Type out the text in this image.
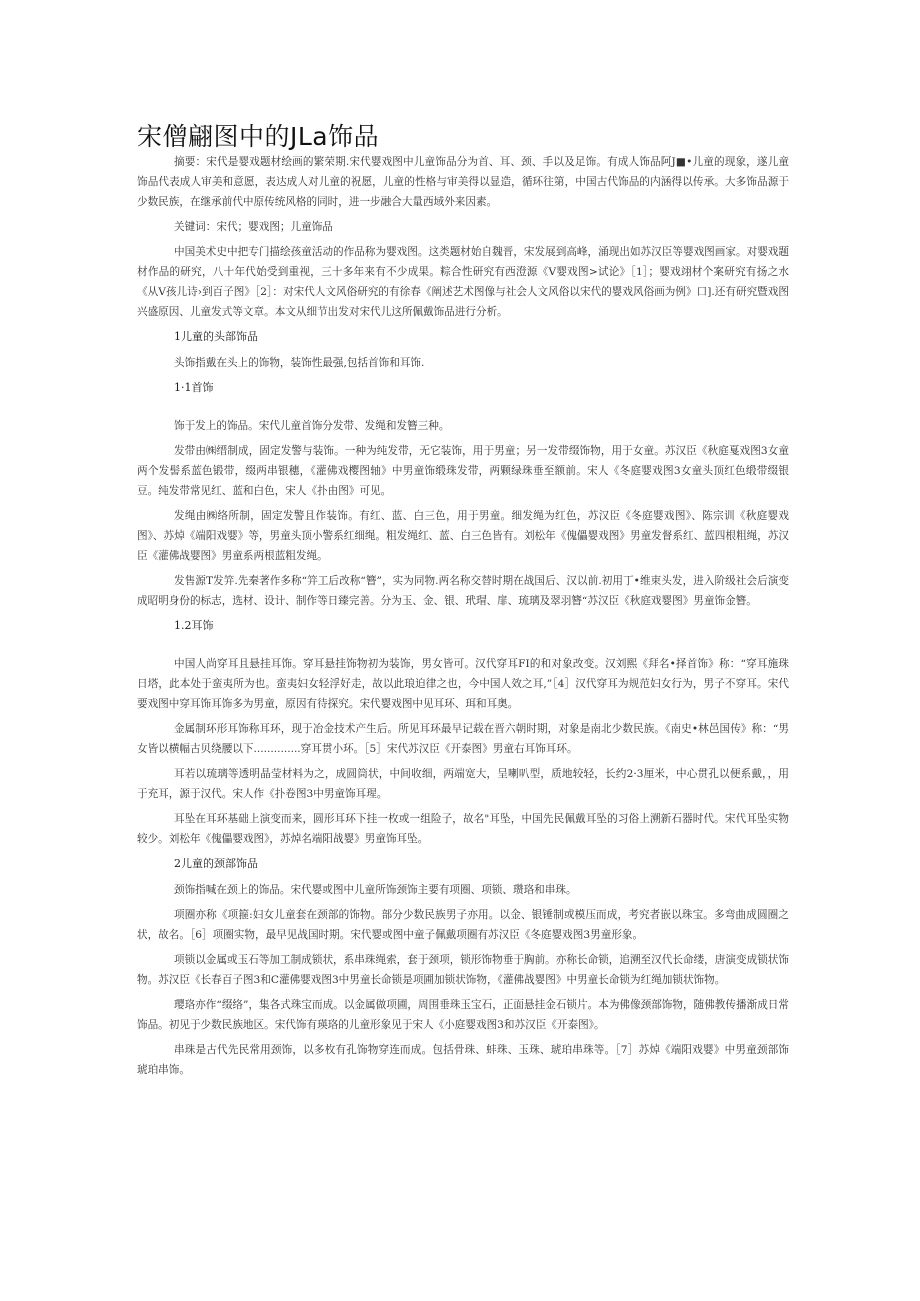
宋僧翩图中的JLa饰品

摘要：宋代是婴戏题材绘画的繁荣期.宋代婴戏图中儿童饰品分为首、耳、颈、手以及足饰。有成人饰品阿J■•儿童的现象，遂儿童饰品代表成人审美和意愿，表达成人对儿童的祝愿，儿童的性格与审美得以显造，循环往第，中国古代饰品的内涵得以传承。大多饰品源于少数民族，在继承前代中原传统风格的同时，进一步融合大量西域外来因素。

关键词：宋代；婴戏图；儿童饰品

中国美术史中把专门描绘孩童活动的作品称为婴戏图。这类题材始自魏晋，宋发展到高峰，涌现出如苏汉臣等婴戏图画家。对婴戏题材作品的研究，八十年代始受到重视，三十多年来有不少成果。粽合性研究有西澄源《V婴戏图>试论》［1］；婴戏翊材个案研究有扬之水《从V孩儿诗›到百子图》［2］：对宋代人文风俗研究的有徐春《阐述艺术图像与社会人文风俗以宋代的婴戏风俗画为例》口].还有研究暨戏图兴盛原因、儿童发式等文章。本文从细节出发对宋代儿这所佩戴饰品进行分析。

1儿童的头部饰品

头饰指戴在头上的饰物，装饰性最强,包括首饰和耳饰.

1·1首饰

饰于发上的饰品。宋代儿童首饰分发带、发绳和发簪三种。

发带由㈱缙制成，固定发警与装饰。一种为纯发带，无它装饰，用于男童；另一发带缀饰物，用于女童。苏汉臣《秋庭戛戏图3女童两个发髻系蓝色锻带，缀两串银穗，《灌佛戏樱图轴》中男童饰缎珠发带，两颗绿珠垂至额前。宋人《冬庭婴戏图3女童头顶红色缎带缀银豆。纯发带常见红、蓝和白色，宋人《扑由图》可见。

发绳由㈱络所制，固定发警且作装饰。有红、蓝、白三色，用于男童。细发绳为红色，苏汉臣《冬庭婴戏图》、陈宗训《秋庭婴戏图》、苏焯《端阳戏婴》等，男童头顶小警系红细绳。粗发绳红、蓝、白三色皆有。刘松年《傀儡婴戏图》男童发督系红、蓝四根粗绳，苏汉臣《灌佛战婴图》男童系两根蓝粗发绳。

发售源T发笄.先秦著作多称“笄工后改称“簪”，实为同物.两名称交替时期在战国后、汉以前.初用丁•维束头发，进入阶级社会后演变成昭明身份的标志，选材、设计、制作等日臻完善。分为玉、金、银、玳瑁、扉、琉璃及翠羽簪“苏汉臣《秋庭戏婴图》男童饰金簪。

1.2耳饰

中国人尚穿耳且悬挂耳饰。穿耳悬挂饰物初为装饰，男女皆可。汉代穿耳FI的和对象改变。汉刘熙《拜名•择首饰》称：“穿耳施珠日塔，此本处于蛮夷所为也。蛮夷妇女轻浮好走，故以此琅迫律之也，今中国人效之耳,”［4］汉代穿耳为规范妇女行为，男子不穿耳。宋代要戏图中穿耳饰耳饰多为男童，原因有待探究。宋代婴戏图中见耳环、珥和耳奥。

金属制环形耳饰称耳环，现于冶金技术产生后。所见耳环最早记载在晋六朝时期，对象是南北少数民族。《南史•林邑国传》称：“男女皆以横幅古贝绕腰以下..............穿耳贯小环。［5］宋代苏汉臣《开泰图》男童右耳饰耳环。

耳若以琉璃等透明晶莹材料为之，成圆筒状，中间收细，两端宽大，呈喇叭型，质地较轻，长约2·3厘米，中心贯孔以便系戴，，用于充耳，源于汉代。宋人作《扑卷图3中男童饰耳瑆。

耳坠在耳环基础上演变而来，圆形耳环下挂一枚或一组险子，故名"耳坠，中国先民佩戴耳坠的习俗上溯新石器时代。宋代耳坠实物较少。刘松年《傀儡婴戏图》，苏焯名端阳战婴》男童饰耳坠。

2儿童的颈部饰品

颈饰指喊在颈上的饰品。宋代婴或图中儿童所饰颈饰主要有项圈、项锁、瓒珞和串珠。

项圈亦称《项箍:妇女儿童套在颈部的饰物。部分少数民族男子亦用。以金、银锤制或模压而成，考究者嵌以珠宝。多弯曲成圆圈之状，故名。［6］项圈实物，最早见战国时期。宋代婴或图中童子佩戴项圈有苏汉臣《冬庭婴戏图3男童形象。

项锁以金属或玉石等加工制成锁状，系串珠绳索，套于颈项，锁形饰物垂于胸前。亦称长命锁，追溯至汉代长命缕，唐演变成锁状饰物。苏汉臣《长春百子图3和C灌佛婴戏图3中男童长命锁是项圃加锁状饰物，《灌佛战婴图》中男童长命锁为红绳加锁状饰物。

璎珞亦作“缀络”，集各式珠宝而成。以金属做项圃，周围垂珠玉宝石，正面悬挂金石锁片。本为佛像颈部饰物，随佛教传播渐成日常饰品。初见于少数民族地区。宋代饰有瑛珞的儿童形象见于宋人《小庭婴戏图3和苏汉臣《开泰图》。

串珠是古代先民常用颈饰，以多枚有孔饰物穿连而成。包括骨珠、蚌珠、玉珠、琥珀串珠等。［7］苏焯《端阳戏婴》中男童颈部饰琥珀串饰。
